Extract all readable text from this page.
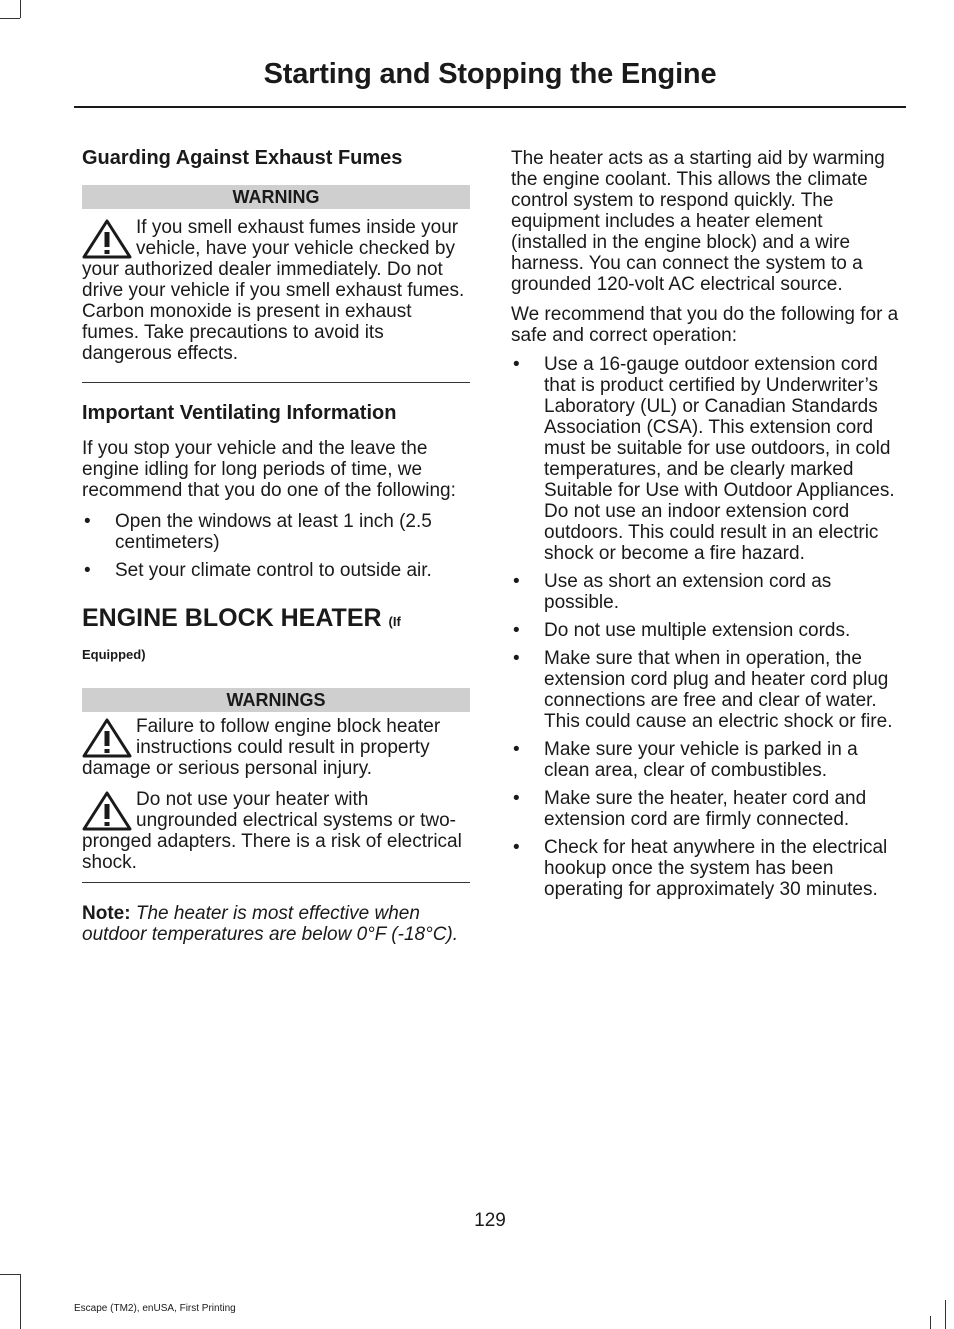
Starting and Stopping the Engine
Guarding Against Exhaust Fumes
WARNING

If you smell exhaust fumes inside your vehicle, have your vehicle checked by your authorized dealer immediately. Do not drive your vehicle if you smell exhaust fumes. Carbon monoxide is present in exhaust fumes. Take precautions to avoid its dangerous effects.

Important Ventilating Information

If you stop your vehicle and the leave the engine idling for long periods of time, we recommend that you do one of the following:

• Open the windows at least 1 inch (2.5 centimeters)
• Set your climate control to outside air.
ENGINE BLOCK HEATER (If
Equipped)
WARNINGS

Failure to follow engine block heater instructions could result in property damage or serious personal injury.

Do not use your heater with ungrounded electrical systems or two-pronged adapters. There is a risk of electrical shock.

Note: The heater is most effective when outdoor temperatures are below 0°F (-18°C).

The heater acts as a starting aid by warming the engine coolant. This allows the climate control system to respond quickly. The equipment includes a heater element (installed in the engine block) and a wire harness. You can connect the system to a grounded 120-volt AC electrical source.

We recommend that you do the following for a safe and correct operation:

• Use a 16-gauge outdoor extension cord that is product certified by Underwriter’s Laboratory (UL) or Canadian Standards Association (CSA). This extension cord must be suitable for use outdoors, in cold temperatures, and be clearly marked Suitable for Use with Outdoor Appliances. Do not use an indoor extension cord outdoors. This could result in an electric shock or become a fire hazard.
• Use as short an extension cord as possible.
• Do not use multiple extension cords.
• Make sure that when in operation, the extension cord plug and heater cord plug connections are free and clear of water. This could cause an electric shock or fire.
• Make sure your vehicle is parked in a clean area, clear of combustibles.
• Make sure the heater, heater cord and extension cord are firmly connected.
• Check for heat anywhere in the electrical hookup once the system has been operating for approximately 30 minutes.
129
Escape (TM2), enUSA, First Printing
